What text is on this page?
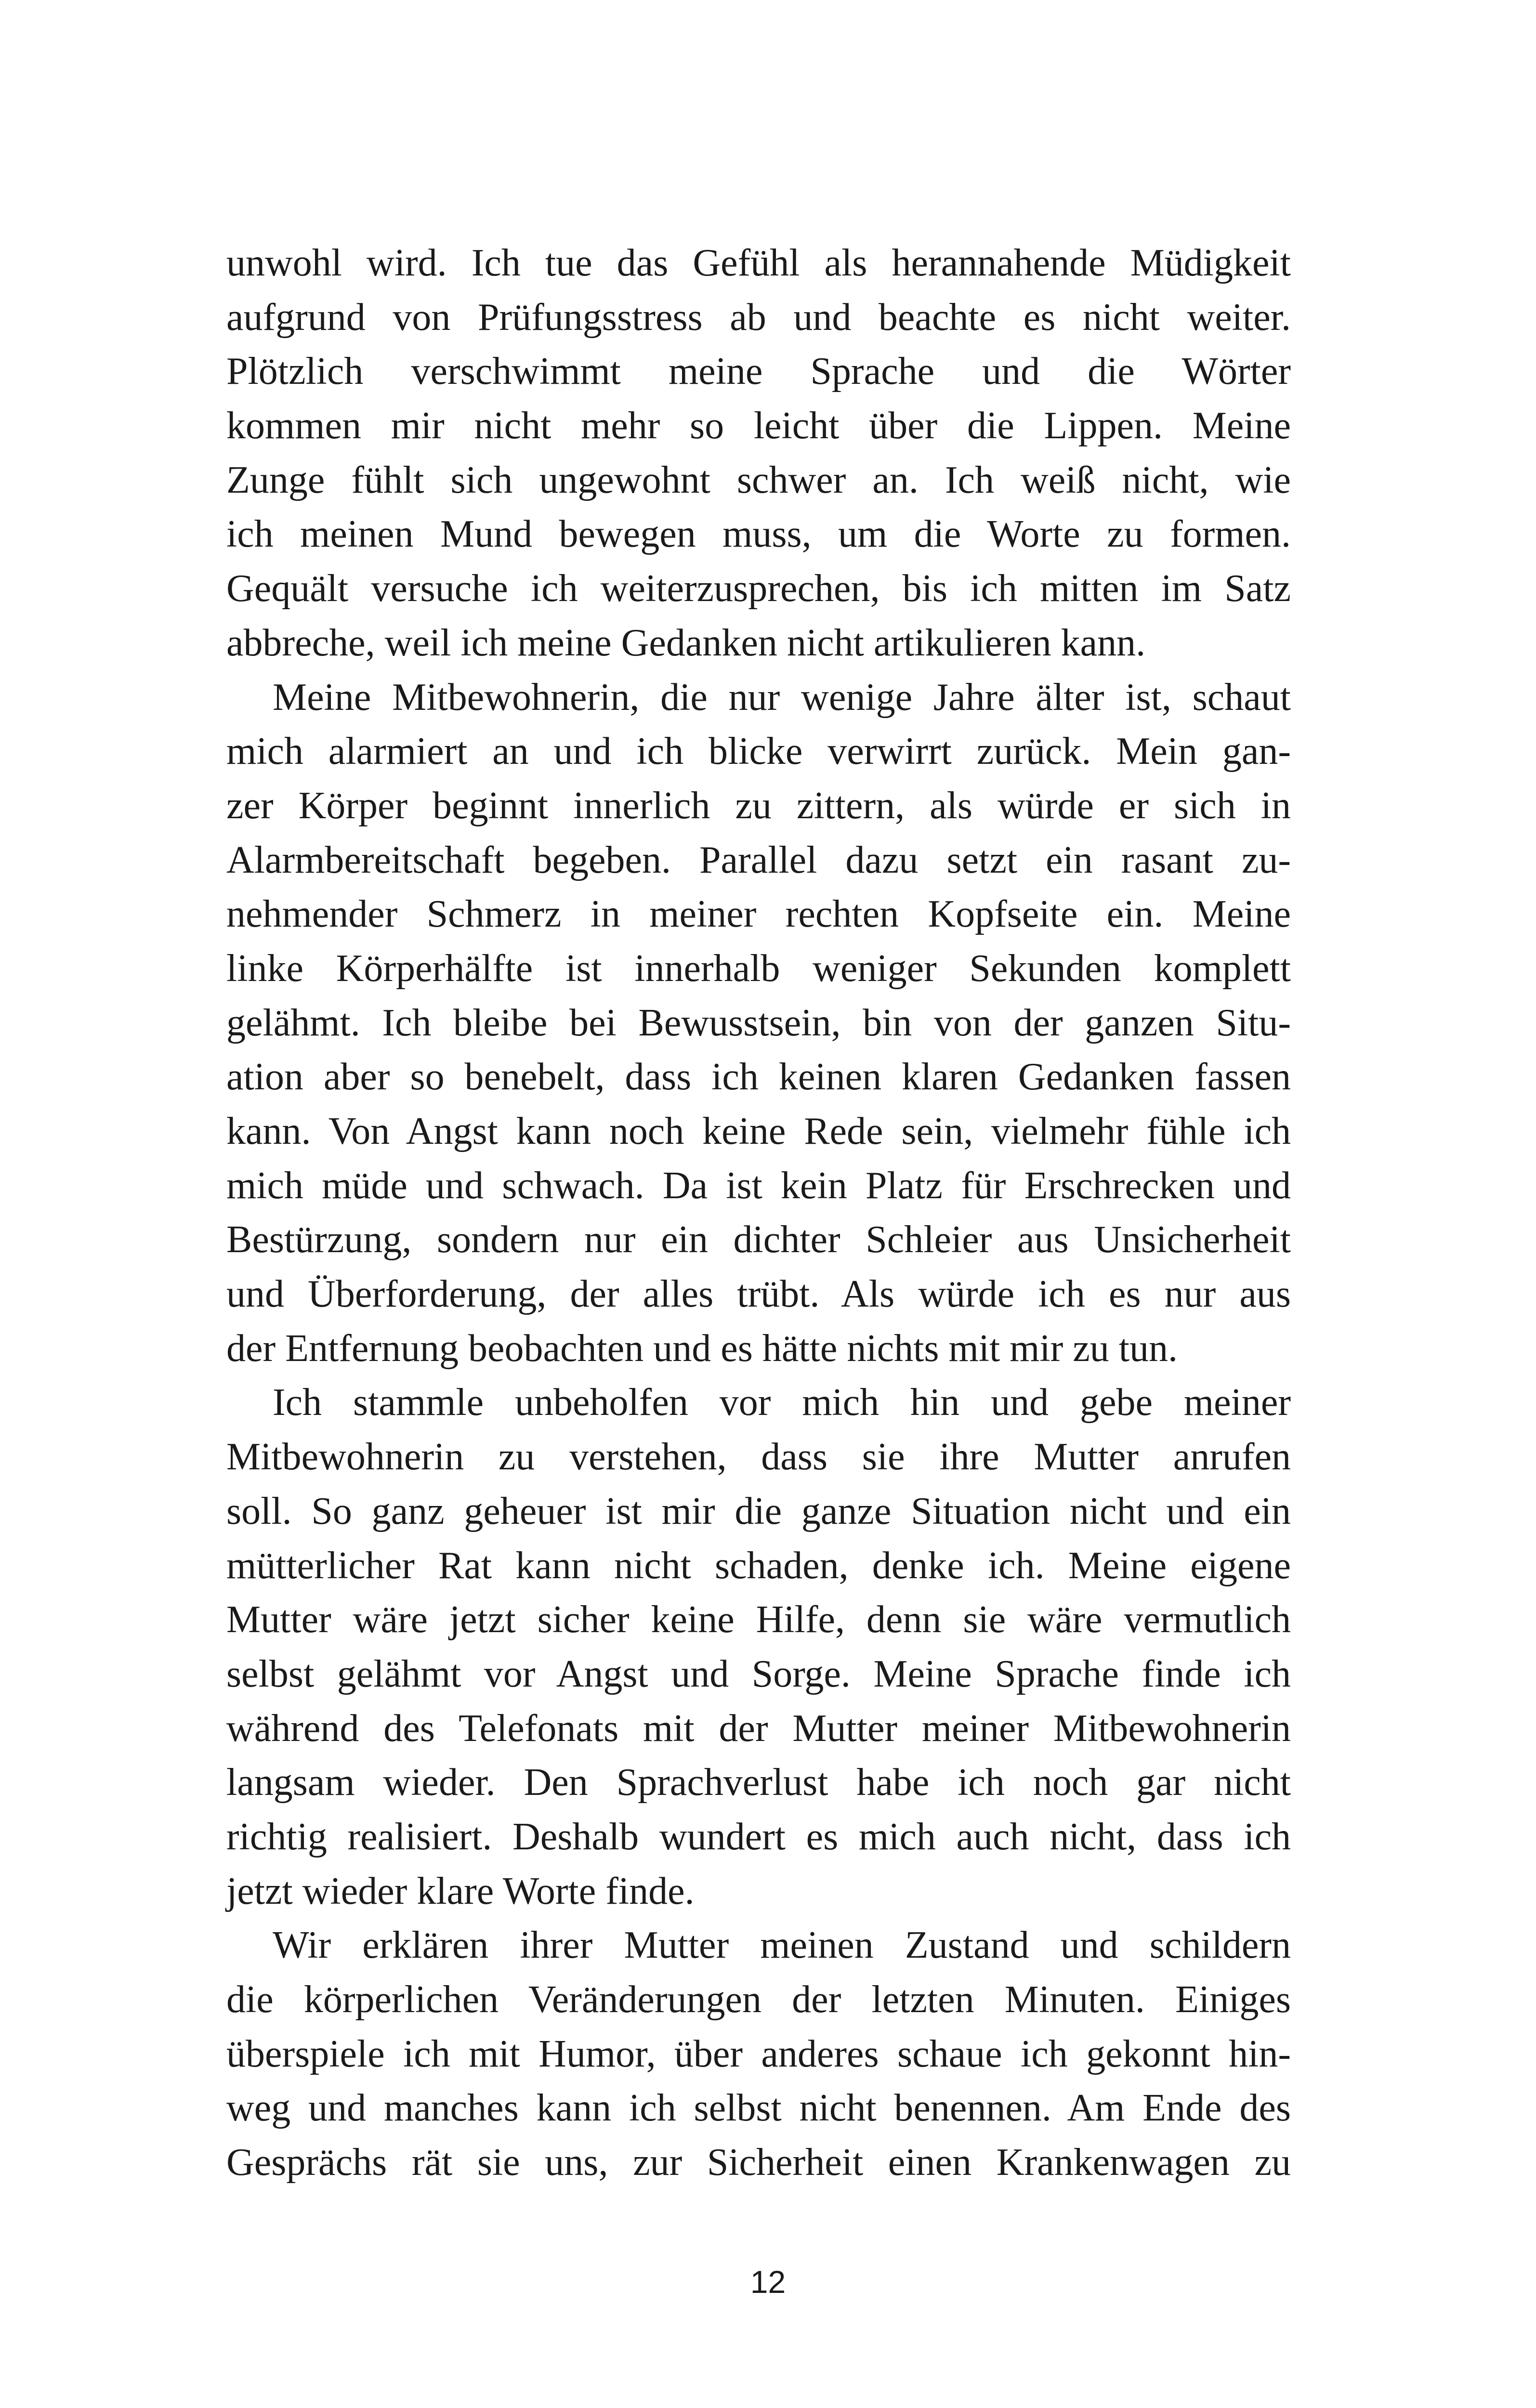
unwohl wird. Ich tue das Gefühl als herannahende Müdigkeit
aufgrund von Prüfungsstress ab und beachte es nicht weiter.
Plötzlich verschwimmt meine Sprache und die Wörter
kommen mir nicht mehr so leicht über die Lippen. Meine
Zunge fühlt sich ungewohnt schwer an. Ich weiß nicht, wie
ich meinen Mund bewegen muss, um die Worte zu formen.
Gequält versuche ich weiterzusprechen, bis ich mitten im Satz
abbreche, weil ich meine Gedanken nicht artikulieren kann.
Meine Mitbewohnerin, die nur wenige Jahre älter ist, schaut
mich alarmiert an und ich blicke verwirrt zurück. Mein gan-
zer Körper beginnt innerlich zu zittern, als würde er sich in
Alarmbereitschaft begeben. Parallel dazu setzt ein rasant zu-
nehmender Schmerz in meiner rechten Kopfseite ein. Meine
linke Körperhälfte ist innerhalb weniger Sekunden komplett
gelähmt. Ich bleibe bei Bewusstsein, bin von der ganzen Situ-
ation aber so benebelt, dass ich keinen klaren Gedanken fassen
kann. Von Angst kann noch keine Rede sein, vielmehr fühle ich
mich müde und schwach. Da ist kein Platz für Erschrecken und
Bestürzung, sondern nur ein dichter Schleier aus Unsicherheit
und Überforderung, der alles trübt. Als würde ich es nur aus
der Entfernung beobachten und es hätte nichts mit mir zu tun.
Ich stammle unbeholfen vor mich hin und gebe meiner
Mitbewohnerin zu verstehen, dass sie ihre Mutter anrufen
soll. So ganz geheuer ist mir die ganze Situation nicht und ein
mütterlicher Rat kann nicht schaden, denke ich. Meine eigene
Mutter wäre jetzt sicher keine Hilfe, denn sie wäre vermutlich
selbst gelähmt vor Angst und Sorge. Meine Sprache finde ich
während des Telefonats mit der Mutter meiner Mitbewohnerin
langsam wieder. Den Sprachverlust habe ich noch gar nicht
richtig realisiert. Deshalb wundert es mich auch nicht, dass ich
jetzt wieder klare Worte finde.
Wir erklären ihrer Mutter meinen Zustand und schildern
die körperlichen Veränderungen der letzten Minuten. Einiges
überspiele ich mit Humor, über anderes schaue ich gekonnt hin-
weg und manches kann ich selbst nicht benennen. Am Ende des
Gesprächs rät sie uns, zur Sicherheit einen Krankenwagen zu
12
